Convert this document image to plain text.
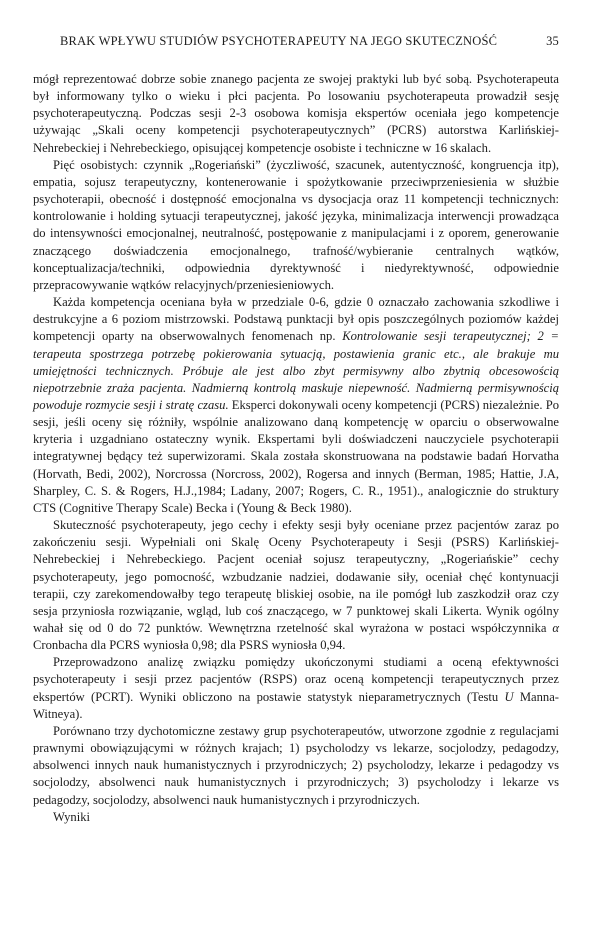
BRAK WPŁYWU STUDIÓW PSYCHOTERAPEUTY NA JEGO SKUTECZNOŚĆ	35

mógł reprezentować dobrze sobie znanego pacjenta ze swojej praktyki lub być sobą. Psychoterapeuta był informowany tylko o wieku i płci pacjenta. Po losowaniu psychoterapeuta prowadził sesję psychoterapeutyczną. Podczas sesji 2-3 osobowa komisja ekspertów oceniała jego kompetencje używając „Skali oceny kompetencji psychoterapeutycznych” (PCRS) autorstwa Karlińskiej-Nehrebeckiej i Nehrebeckiego, opisującej kompetencje osobiste i techniczne w 16 skalach.

Pięć osobistych: czynnik „Rogeriański” (życzliwość, szacunek, autentyczność, kongruencja itp), empatia, sojusz terapeutyczny, kontenerowanie i spożytkowanie przeciwprzeniesienia w służbie psychoterapii, obecność i dostępność emocjonalna vs dysocjacja oraz 11 kompetencji technicznych: kontrolowanie i holding sytuacji terapeutycznej, jakość języka, minimalizacja interwencji prowadząca do intensywności emocjonalnej, neutralność, postępowanie z manipulacjami i z oporem, generowanie znaczącego doświadczenia emocjonalnego, trafność/wybieranie centralnych wątków, konceptualizacja/techniki, odpowiednia dyrektywność i niedyrektywność, odpowiednie przepracowywanie wątków relacyjnych/przeniesieniowych.

Każda kompetencja oceniana była w przedziale 0-6, gdzie 0 oznaczało zachowania szkodliwe i destrukcyjne a 6 poziom mistrzowski. Podstawą punktacji był opis poszczególnych poziomów każdej kompetencji oparty na obserwowalnych fenomenach np. Kontrolowanie sesji terapeutycznej; 2 = terapeuta spostrzega potrzebę pokierowania sytuacją, postawienia granic etc., ale brakuje mu umiejętności technicznych. Próbuje ale jest albo zbyt permisywny albo zbytnią obcesowością niepotrzebnie zraża pacjenta. Nadmierną kontrolą maskuje niepewność. Nadmierną permisywnością powoduje rozmycie sesji i stratę czasu. Eksperci dokonywali oceny kompetencji (PCRS) niezależnie. Po sesji, jeśli oceny się różniły, wspólnie analizowano daną kompetencję w oparciu o obserwowalne kryteria i uzgadniano ostateczny wynik. Ekspertami byli doświadczeni nauczyciele psychoterapii integratywnej będący też superwizorami. Skala została skonstruowana na podstawie badań Horvatha (Horvath, Bedi, 2002), Norcrossa (Norcross, 2002), Rogersa and innych (Berman, 1985; Hattie, J.A, Sharpley, C. S. & Rogers, H.J.,1984; Ladany, 2007; Rogers, C. R., 1951)., analogicznie do struktury CTS (Cognitive Therapy Scale) Becka i (Young & Beck 1980).

Skuteczność psychoterapeuty, jego cechy i efekty sesji były oceniane przez pacjentów zaraz po zakończeniu sesji. Wypełniali oni Skalę Oceny Psychoterapeuty i Sesji (PSRS) Karlińskiej-Nehrebeckiej i Nehrebeckiego. Pacjent oceniał sojusz terapeutyczny, „Rogeriańskie” cechy psychoterapeuty, jego pomocność, wzbudzanie nadziei, dodawanie siły, oceniał chęć kontynuacji terapii, czy zarekomendowałby tego terapeutę bliskiej osobie, na ile pomógł lub zaszkodził oraz czy sesja przyniosła rozwiązanie, wgląd, lub coś znaczącego, w 7 punktowej skali Likerta. Wynik ogólny wahał się od 0 do 72 punktów. Wewnętrzna rzetelność skal wyrażona w postaci współczynnika α Cronbacha dla PCRS wyniosła 0,98; dla PSRS wyniosła 0,94.

Przeprowadzono analizę związku pomiędzy ukończonymi studiami a oceną efektywności psychoterapeuty i sesji przez pacjentów (RSPS) oraz oceną kompetencji terapeutycznych przez ekspertów (PCRT). Wyniki obliczono na postawie statystyk nieparametrycznych (Testu U Manna-Witneya).

Porównano trzy dychotomiczne zestawy grup psychoterapeutów, utworzone zgodnie z regulacjami prawnymi obowiązującymi w różnych krajach; 1) psycholodzy vs lekarze, socjolodzy, pedagodzy, absolwenci innych nauk humanistycznych i przyrodniczych; 2) psycholodzy, lekarze i pedagodzy vs socjolodzy, absolwenci nauk humanistycznych i przyrodniczych; 3) psycholodzy i lekarze vs pedagodzy, socjolodzy, absolwenci nauk humanistycznych i przyrodniczych.

Wyniki
